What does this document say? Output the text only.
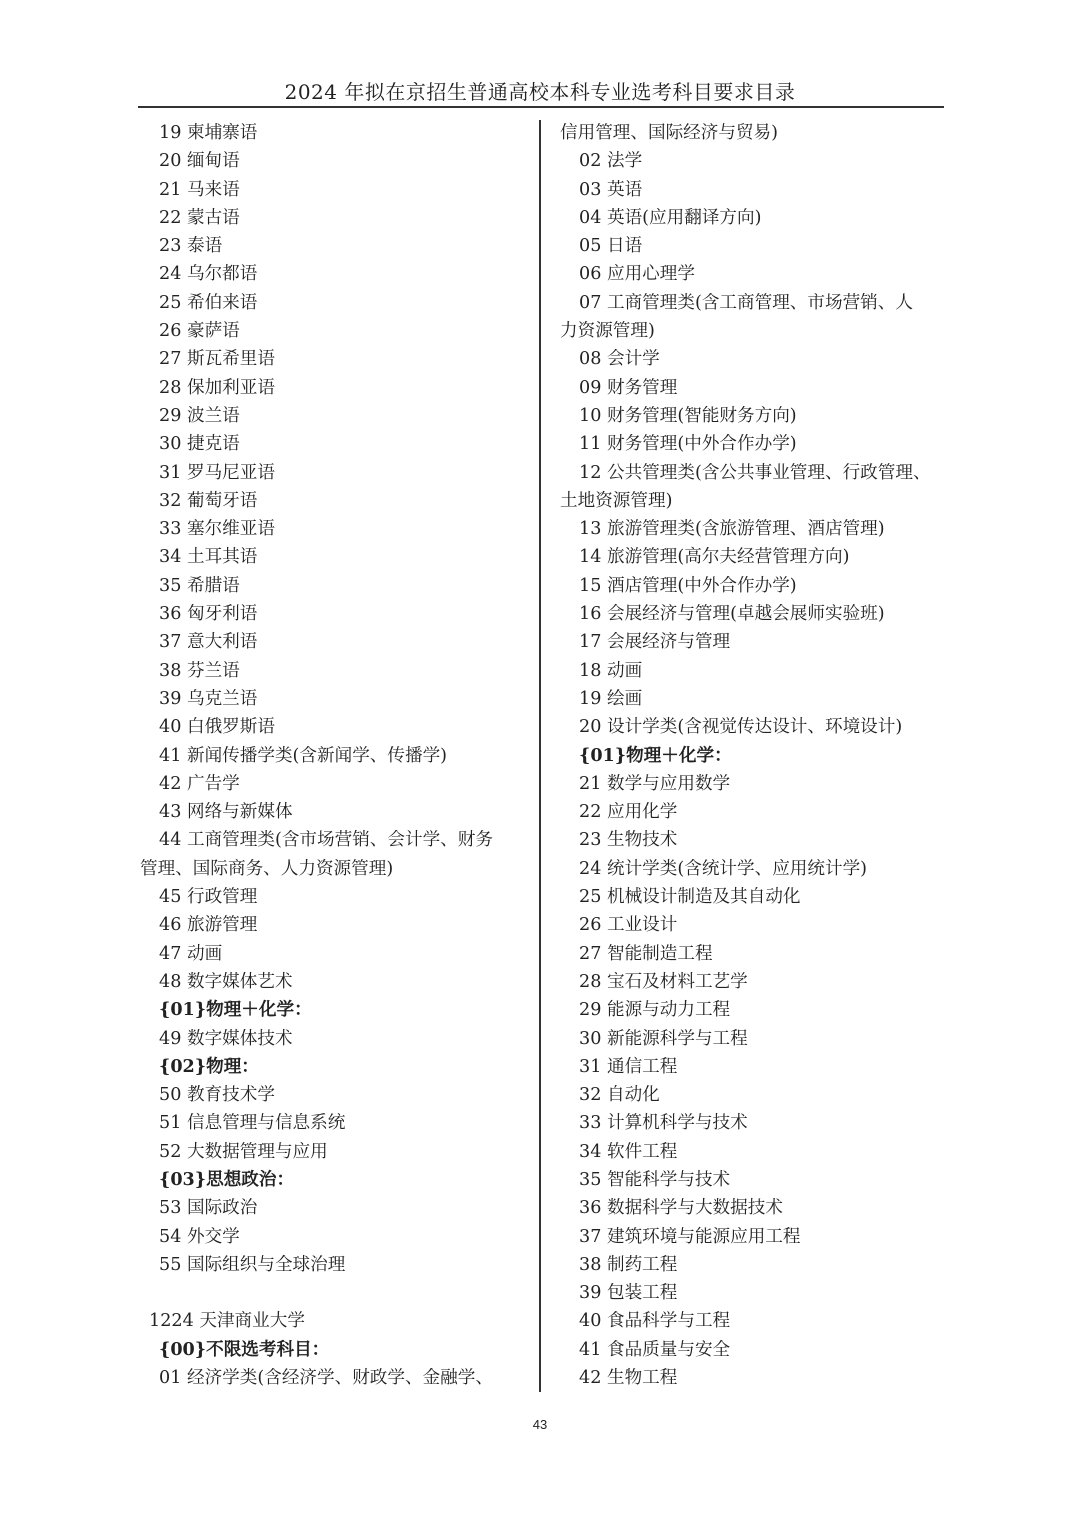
2024 年拟在京招生普通高校本科专业选考科目要求目录
19 柬埔寨语
20 缅甸语
21 马来语
22 蒙古语
23 泰语
24 乌尔都语
25 希伯来语
26 豪萨语
27 斯瓦希里语
28 保加利亚语
29 波兰语
30 捷克语
31 罗马尼亚语
32 葡萄牙语
33 塞尔维亚语
34 土耳其语
35 希腊语
36 匈牙利语
37 意大利语
38 芬兰语
39 乌克兰语
40 白俄罗斯语
41 新闻传播学类(含新闻学、传播学)
42 广告学
43 网络与新媒体
44 工商管理类(含市场营销、会计学、财务
管理、国际商务、人力资源管理)
45 行政管理
46 旅游管理
47 动画
48 数字媒体艺术
{01}物理＋化学：
49 数字媒体技术
{02}物理：
50 教育技术学
51 信息管理与信息系统
52 大数据管理与应用
{03}思想政治：
53 国际政治
54 外交学
55 国际组织与全球治理
1224 天津商业大学
{00}不限选考科目：
01 经济学类(含经济学、财政学、金融学、
信用管理、国际经济与贸易)
02 法学
03 英语
04 英语(应用翻译方向)
05 日语
06 应用心理学
07 工商管理类(含工商管理、市场营销、人
力资源管理)
08 会计学
09 财务管理
10 财务管理(智能财务方向)
11 财务管理(中外合作办学)
12 公共管理类(含公共事业管理、行政管理、
土地资源管理)
13 旅游管理类(含旅游管理、酒店管理)
14 旅游管理(高尔夫经营管理方向)
15 酒店管理(中外合作办学)
16 会展经济与管理(卓越会展师实验班)
17 会展经济与管理
18 动画
19 绘画
20 设计学类(含视觉传达设计、环境设计)
{01}物理＋化学：
21 数学与应用数学
22 应用化学
23 生物技术
24 统计学类(含统计学、应用统计学)
25 机械设计制造及其自动化
26 工业设计
27 智能制造工程
28 宝石及材料工艺学
29 能源与动力工程
30 新能源科学与工程
31 通信工程
32 自动化
33 计算机科学与技术
34 软件工程
35 智能科学与技术
36 数据科学与大数据技术
37 建筑环境与能源应用工程
38 制药工程
39 包装工程
40 食品科学与工程
41 食品质量与安全
42 生物工程
43
